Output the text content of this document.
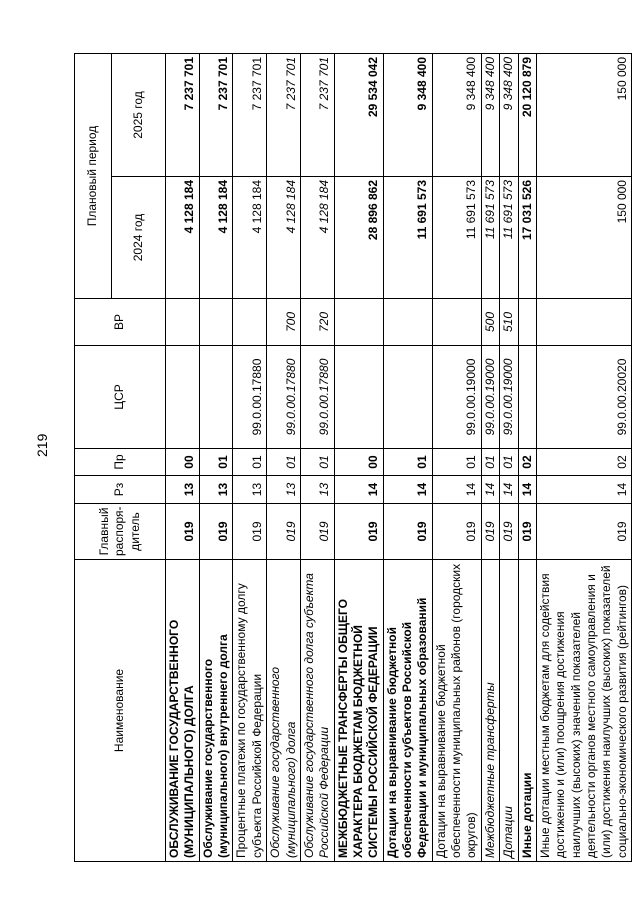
219
Наименование	Главный распоря-дитель	Рз	Пр	ЦСР	ВР	Плановый период	
						2024 год	2025 год
ОБСЛУЖИВАНИЕ ГОСУДАРСТВЕННОГО (МУНИЦИПАЛЬНОГО) ДОЛГА	019	13	00			4 128 184	7 237 701
Обслуживание государственного (муниципального) внутреннего долга	019	13	01			4 128 184	7 237 701
Процентные платежи по государственному долгу субъекта Российской Федерации	019	13	01	99.0.00.17880		4 128 184	7 237 701
Обслуживание государственного (муниципального) долга	019	13	01	99.0.00.17880	700	4 128 184	7 237 701
Обслуживание государственного долга субъекта Российской Федерации	019	13	01	99.0.00.17880	720	4 128 184	7 237 701
МЕЖБЮДЖЕТНЫЕ ТРАНСФЕРТЫ ОБЩЕГО ХАРАКТЕРА БЮДЖЕТАМ БЮДЖЕТНОЙ СИСТЕМЫ РОССИЙСКОЙ ФЕДЕРАЦИИ	019	14	00			28 896 862	29 534 042
Дотации на выравнивание бюджетной обеспеченности субъектов Российской Федерации и муниципальных образований	019	14	01			11 691 573	9 348 400
Дотации на выравнивание бюджетной обеспеченности муниципальных районов (городских округов)	019	14	01	99.0.00.19000		11 691 573	9 348 400
Межбюджетные трансферты	019	14	01	99.0.00.19000	500	11 691 573	9 348 400
Дотации	019	14	01	99.0.00.19000	510	11 691 573	9 348 400
Иные дотации	019	14	02			17 031 526	20 120 879
Иные дотации местным бюджетам для содействия достижению и (или) поощрения достижения наилучших (высоких) значений показателей деятельности органов местного самоуправления и (или) достижения наилучших (высоких) показателей социально-экономического развития (рейтингов)	019	14	02	99.0.00.20020		150 000	150 000
